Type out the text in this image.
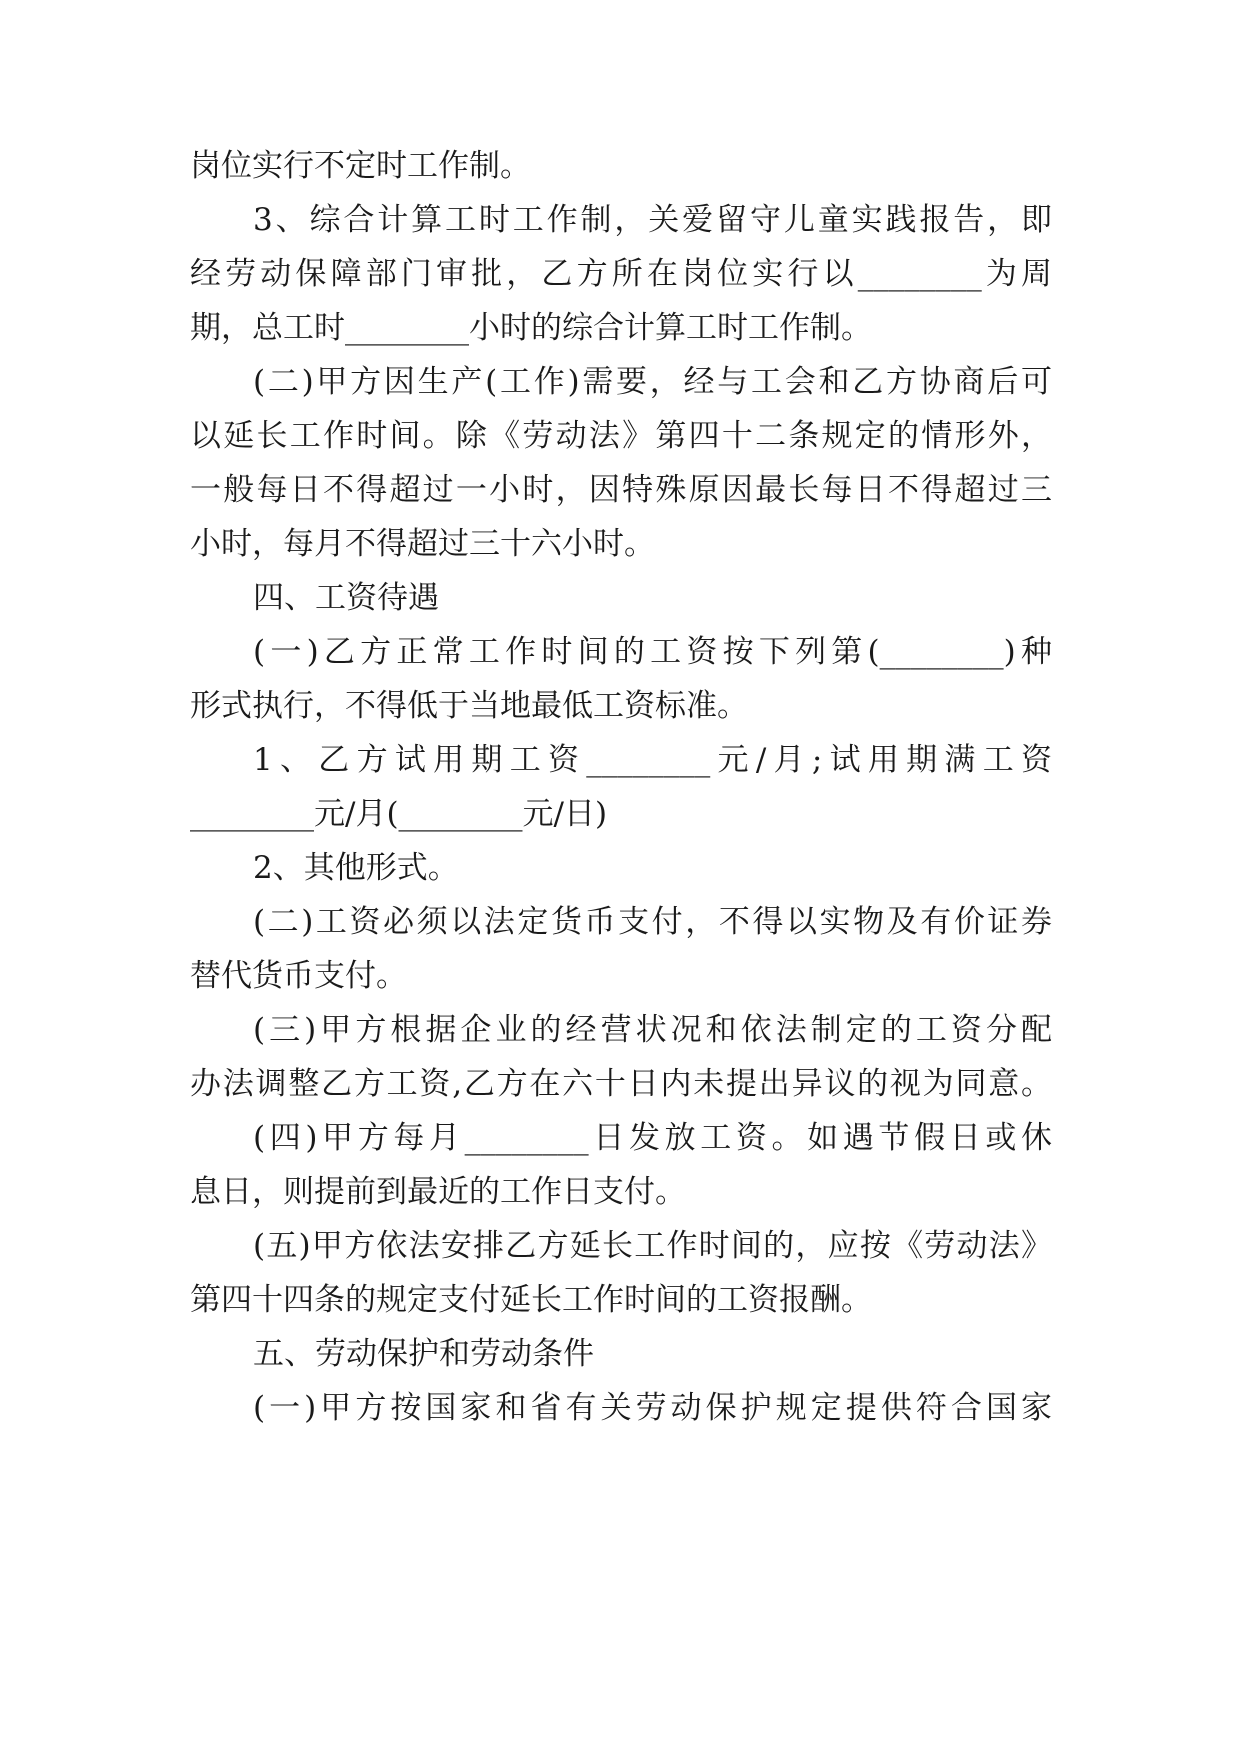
岗位实行不定时工作制。
3、综合计算工时工作制，关爱留守儿童实践报告，即
经劳动保障部门审批，乙方所在岗位实行以________为周
期，总工时________小时的综合计算工时工作制。
(二)甲方因生产(工作)需要，经与工会和乙方协商后可
以延长工作时间。除《劳动法》第四十二条规定的情形外，
一般每日不得超过一小时，因特殊原因最长每日不得超过三
小时，每月不得超过三十六小时。
四、工资待遇
(一)乙方正常工作时间的工资按下列第(________)种
形式执行，不得低于当地最低工资标准。
1、乙方试用期工资________元/月;试用期满工资
________元/月(________元/日)
2、其他形式。
(二)工资必须以法定货币支付，不得以实物及有价证券
替代货币支付。
(三)甲方根据企业的经营状况和依法制定的工资分配
办法调整乙方工资,乙方在六十日内未提出异议的视为同意。
(四)甲方每月________日发放工资。如遇节假日或休
息日，则提前到最近的工作日支付。
(五)甲方依法安排乙方延长工作时间的，应按《劳动法》
第四十四条的规定支付延长工作时间的工资报酬。
五、劳动保护和劳动条件
(一)甲方按国家和省有关劳动保护规定提供符合国家
